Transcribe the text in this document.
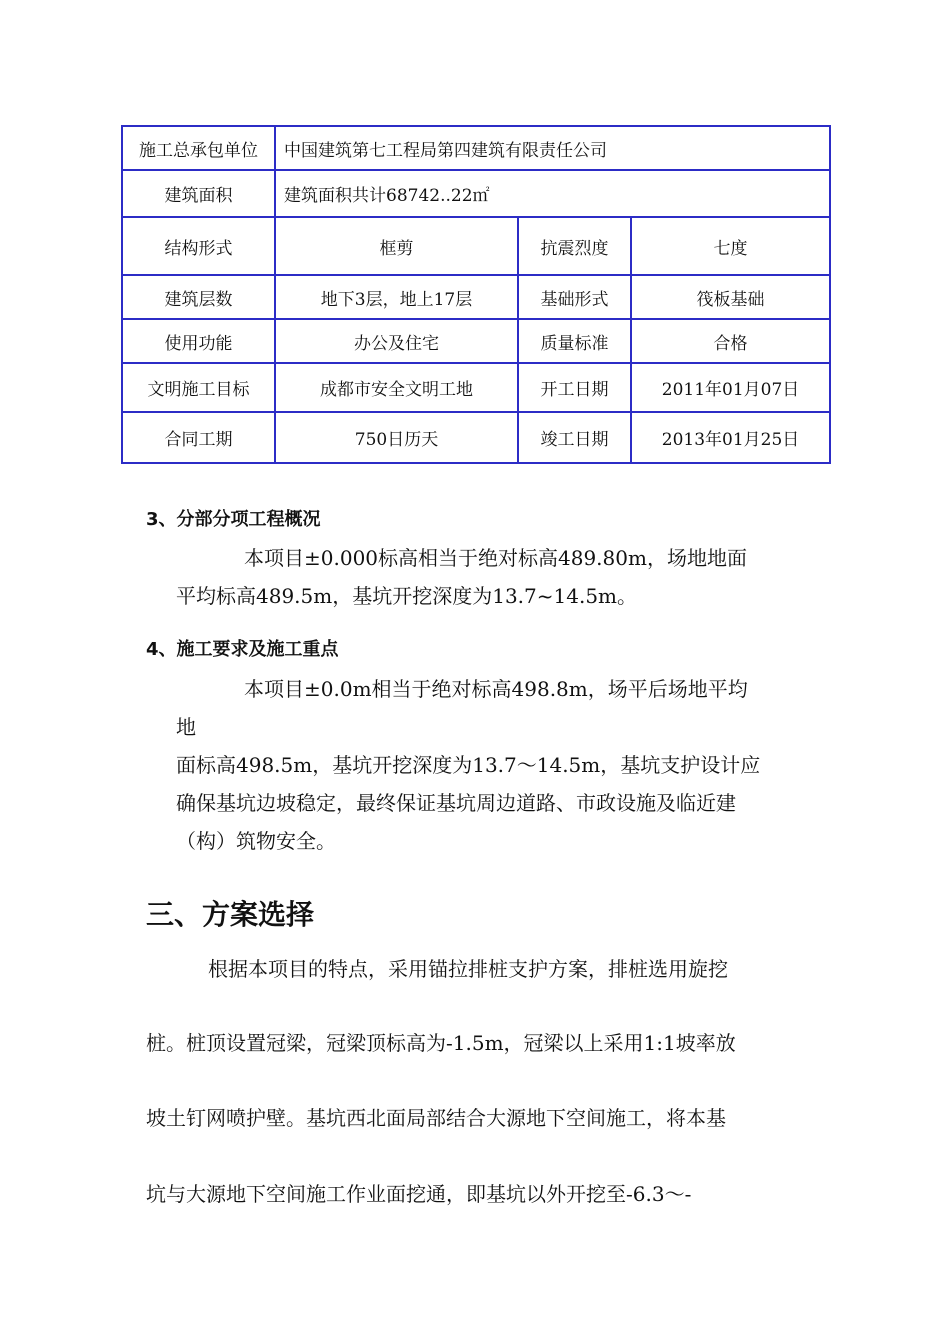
施工总承包单位	中国建筑第七工程局第四建筑有限责任公司		
建筑面积	建筑面积共计68742..22㎡		
结构形式	框剪	抗震烈度	七度
建筑层数	地下3层，地上17层	基础形式	筏板基础
使用功能	办公及住宅	质量标准	合格
文明施工目标	成都市安全文明工地	开工日期	2011年01月07日
合同工期	750日历天	竣工日期	2013年01月25日
3、分部分项工程概况
本项目±0.000标高相当于绝对标高489.80m，场地地面
平均标高489.5m，基坑开挖深度为13.7~14.5m。
4、施工要求及施工重点
本项目±0.0m相当于绝对标高498.8m，场平后场地平均
地
面标高498.5m，基坑开挖深度为13.7～14.5m，基坑支护设计应
确保基坑边坡稳定，最终保证基坑周边道路、市政设施及临近建
（构）筑物安全。
三、方案选择
根据本项目的特点，采用锚拉排桩支护方案，排桩选用旋挖
桩。桩顶设置冠梁，冠梁顶标高为-1.5m，冠梁以上采用1:1坡率放
坡土钉网喷护壁。基坑西北面局部结合大源地下空间施工，将本基
坑与大源地下空间施工作业面挖通，即基坑以外开挖至-6.3～-
